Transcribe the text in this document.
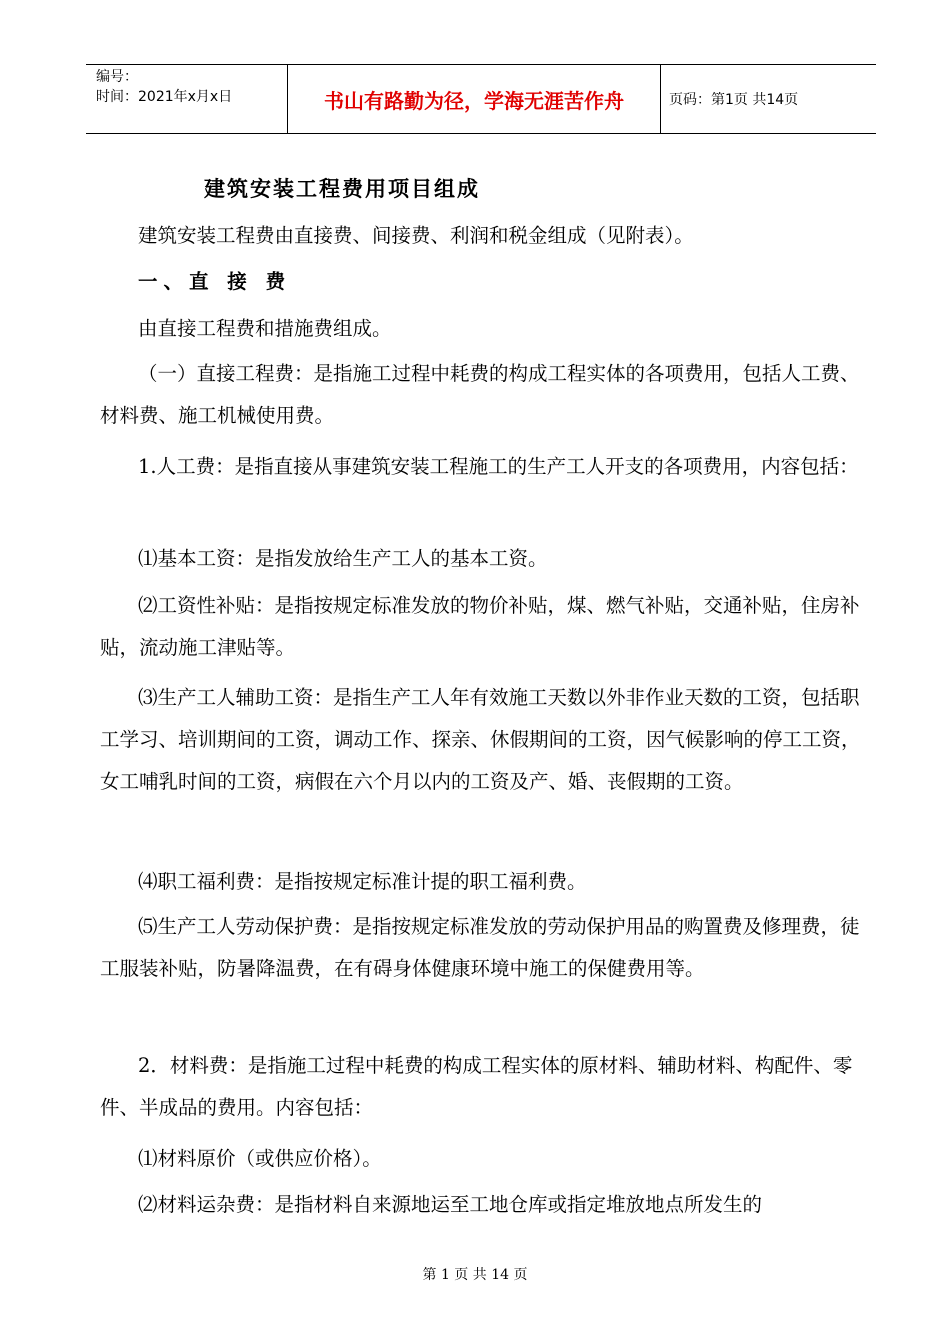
编号：
时间：2021年x月x日	书山有路勤为径，学海无涯苦作舟	页码：第1页 共14页
建筑安装工程费用项目组成

建筑安装工程费由直接费、间接费、利润和税金组成（见附表）。

一、直 接 费

由直接工程费和措施费组成。

（一）直接工程费：是指施工过程中耗费的构成工程实体的各项费用，包括人工费、材料费、施工机械使用费。

1.人工费：是指直接从事建筑安装工程施工的生产工人开支的各项费用，内容包括：

⑴基本工资：是指发放给生产工人的基本工资。

⑵工资性补贴：是指按规定标准发放的物价补贴，煤、燃气补贴，交通补贴，住房补贴，流动施工津贴等。

⑶生产工人辅助工资：是指生产工人年有效施工天数以外非作业天数的工资，包括职工学习、培训期间的工资，调动工作、探亲、休假期间的工资，因气候影响的停工工资，女工哺乳时间的工资，病假在六个月以内的工资及产、婚、丧假期的工资。

⑷职工福利费：是指按规定标准计提的职工福利费。

⑸生产工人劳动保护费：是指按规定标准发放的劳动保护用品的购置费及修理费，徒工服装补贴，防暑降温费，在有碍身体健康环境中施工的保健费用等。

2．材料费：是指施工过程中耗费的构成工程实体的原材料、辅助材料、构配件、零件、半成品的费用。内容包括：

⑴材料原价（或供应价格）。

⑵材料运杂费：是指材料自来源地运至工地仓库或指定堆放地点所发生的

第 1 页 共 14 页
